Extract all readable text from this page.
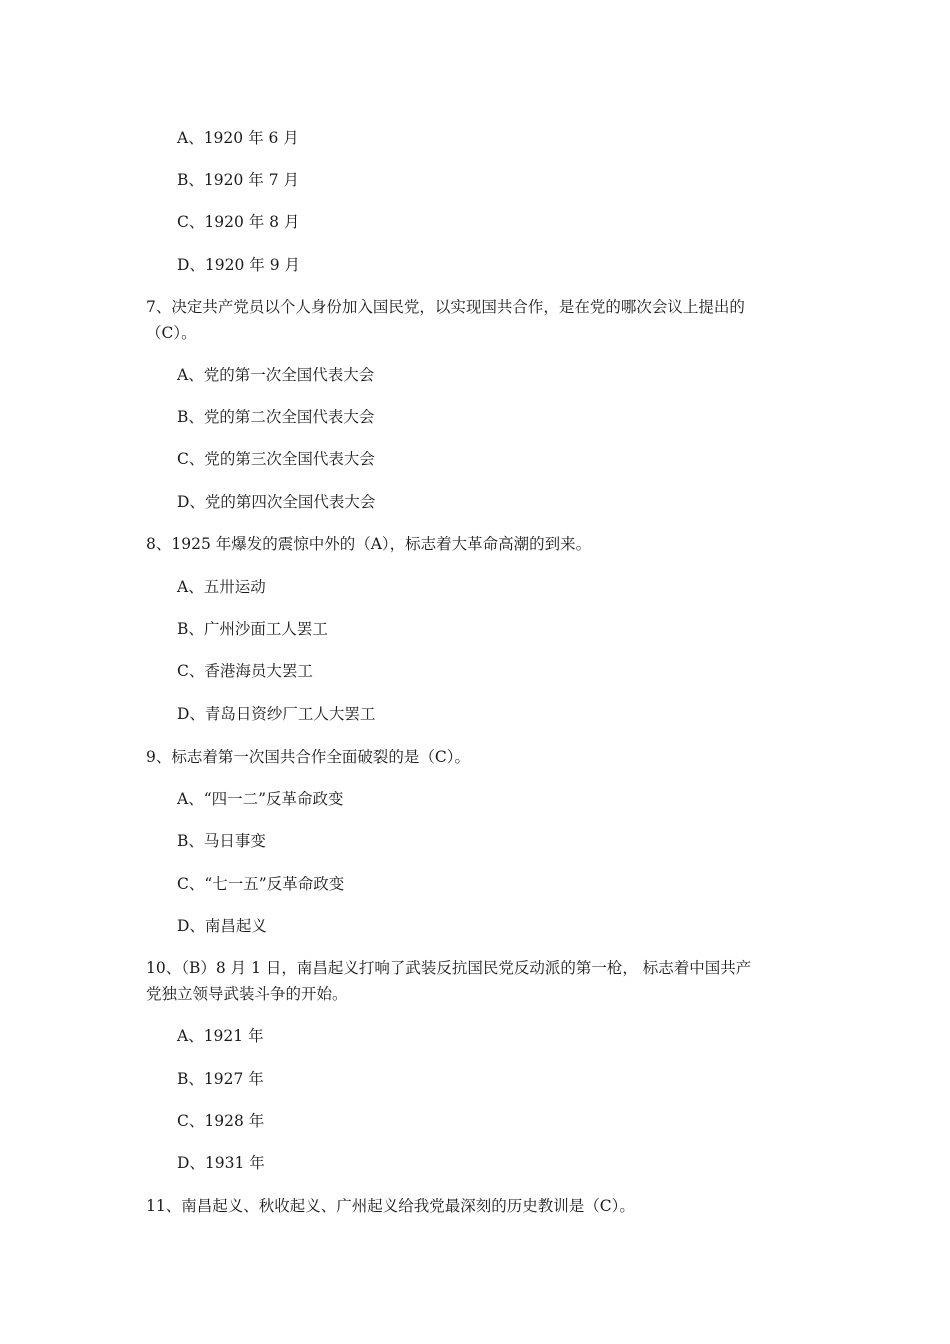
A、1920 年 6 月
B、1920 年 7 月
C、1920 年 8 月
D、1920 年 9 月
7、决定共产党员以个人身份加入国民党，以实现国共合作，是在党的哪次会议上提出的
（C）。
A、党的第一次全国代表大会
B、党的第二次全国代表大会
C、党的第三次全国代表大会
D、党的第四次全国代表大会
8、1925 年爆发的震惊中外的（A），标志着大革命高潮的到来。
A、五卅运动
B、广州沙面工人罢工
C、香港海员大罢工
D、青岛日资纱厂工人大罢工
9、标志着第一次国共合作全面破裂的是（C）。
A、“四一二”反革命政变
B、马日事变
C、“七一五”反革命政变
D、南昌起义
10、（B）8 月 1 日，南昌起义打响了武装反抗国民党反动派的第一枪， 标志着中国共产
党独立领导武装斗争的开始。
A、1921 年
B、1927 年
C、1928 年
D、1931 年
11、南昌起义、秋收起义、广州起义给我党最深刻的历史教训是（C）。
